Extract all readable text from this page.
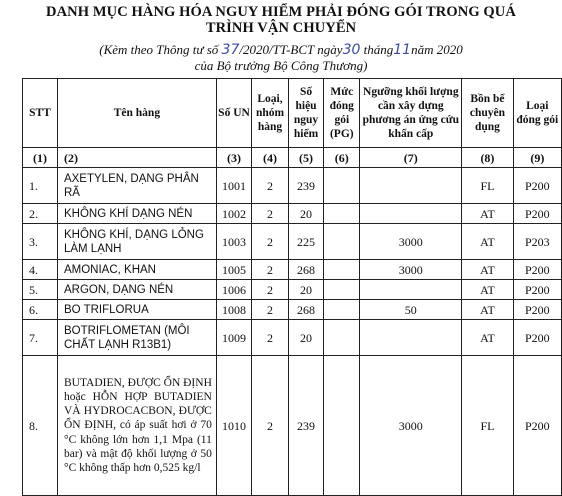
DANH MỤC HÀNG HÓA NGUY HIỂM PHẢI ĐÓNG GÓI TRONG QUÁ
TRÌNH VẬN CHUYỂN
(Kèm theo Thông tư số 37/2020/TT-BCT ngày30 tháng11năm 2020
của Bộ trưởng Bộ Công Thương)
STT	Tên hàng	Số UN	Loại, nhóm hàng	Số hiệu nguy hiểm	Mức đóng gói (PG)	Ngưỡng khối lượng cần xây dựng phương án ứng cứu khẩn cấp	Bồn bể chuyên dụng	Loại đóng gói
(1)	(2)	(3)	(4)	(5)	(6)	(7)	(8)	(9)
1.	AXETYLEN, DẠNG PHÂN RÃ	1001	2	239			FL	P200
2.	KHÔNG KHÍ DẠNG NÉN	1002	2	20			AT	P200
3.	KHÔNG KHÍ, DẠNG LỎNG LÀM LẠNH	1003	2	225		3000	AT	P203
4.	AMONIAC, KHAN	1005	2	268		3000	AT	P200
5.	ARGON, DẠNG NÉN	1006	2	20			AT	P200
6.	BO TRIFLORUA	1008	2	268		50	AT	P200
7.	BOTRIFLOMETAN (MÔI CHẤT LẠNH R13B1)	1009	2	20			AT	P200
8.	BUTADIEN, ĐƯỢC ỔN ĐỊNH hoặc HỖN HỢP BUTADIEN VÀ HYDROCACBON, ĐƯỢC ỔN ĐỊNH, có áp suất hơi ở 70 °C không lớn hơn 1,1 Mpa (11 bar) và mật độ khối lượng ở 50 °C không thấp hơn 0,525 kg/l	1010	2	239		3000	FL	P200
